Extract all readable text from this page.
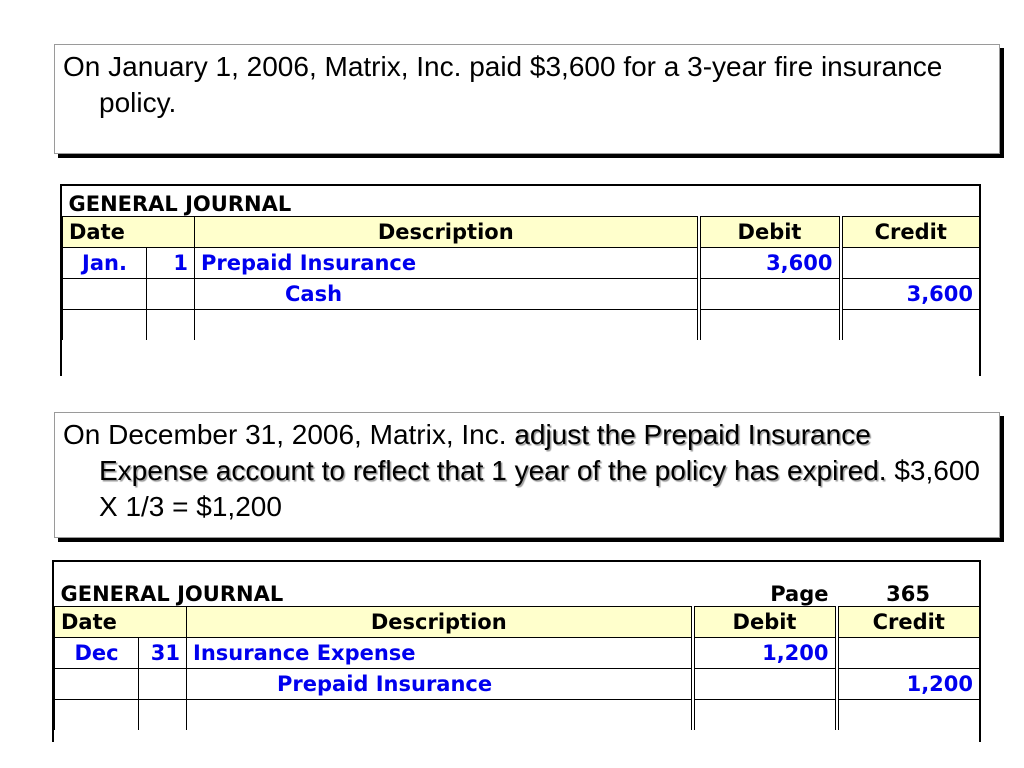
On January 1, 2006, Matrix, Inc. paid $3,600 for a 3-year fire insurance policy.

GENERAL JOURNAL				
Date		Description	Debit	Credit
Jan.	1	Prepaid Insurance	3,600	
		Cash		3,600

On December 31, 2006, Matrix, Inc. adjust the Prepaid Insurance Expense account to reflect that 1 year of the policy has expired. $3,600 X 1/3 = $1,200

GENERAL JOURNAL			Page	365
Date		Description	Debit	Credit
Dec	31	Insurance Expense	1,200	
		Prepaid Insurance		1,200
